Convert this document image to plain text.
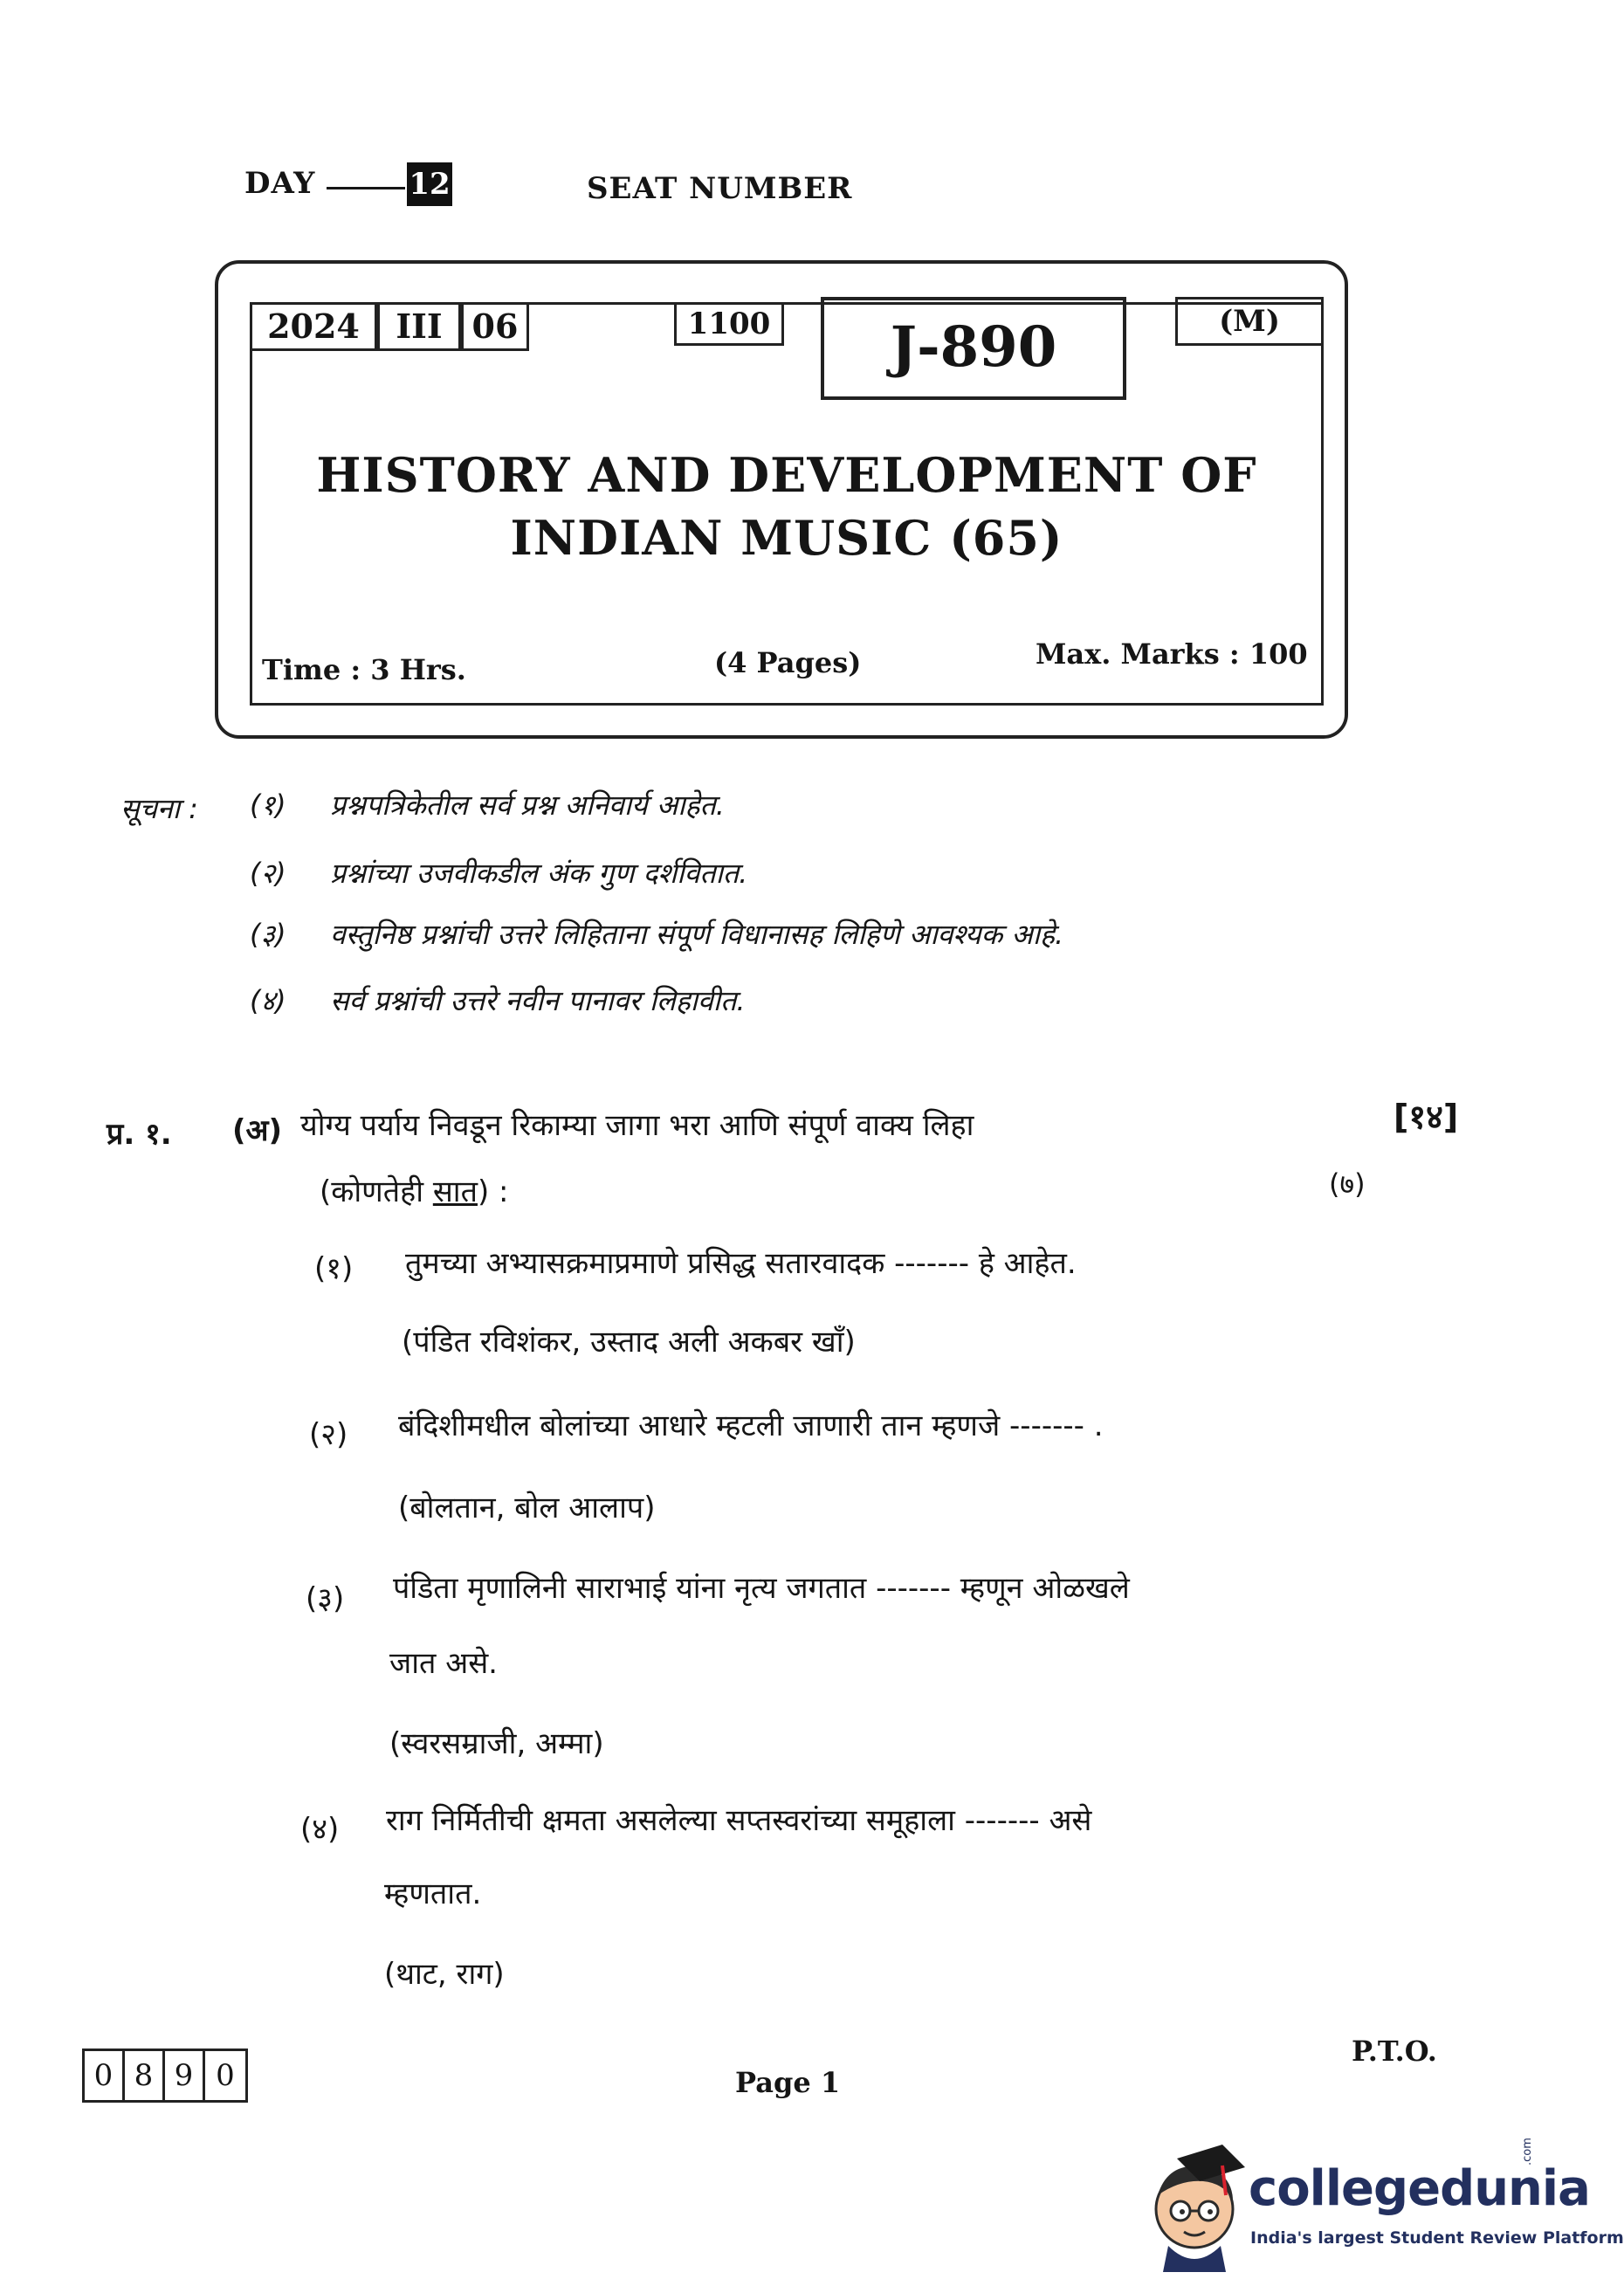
DAY	12	SEAT NUMBER
2024	III 06	1100	J-890	(M)
HISTORY AND DEVELOPMENT OF
INDIAN MUSIC (65)
Time : 3 Hrs.	(4 Pages)	Max. Marks : 100
सूचना : (१) प्रश्नपत्रिकेतील सर्व प्रश्न अनिवार्य आहेत.
(२) प्रश्नांच्या उजवीकडील अंक गुण दर्शवितात.
(३) वस्तुनिष्ठ प्रश्नांची उत्तरे लिहिताना संपूर्ण विधानासह लिहिणे आवश्यक आहे.
(४) सर्व प्रश्नांची उत्तरे नवीन पानावर लिहावीत.
प्र. १. (अ) योग्य पर्याय निवडून रिकाम्या जागा भरा आणि संपूर्ण वाक्य लिहा	[१४]
(कोणतेही सात) :	(७)
(१) तुमच्या अभ्यासक्रमाप्रमाणे प्रसिद्ध सतारवादक ------- हे आहेत.
(पंडित रविशंकर, उस्ताद अली अकबर खाँ)
(२) बंदिशीमधील बोलांच्या आधारे म्हटली जाणारी तान म्हणजे ------- .
(बोलतान, बोल आलाप)
(३) पंडिता मृणालिनी साराभाई यांना नृत्य जगतात ------- म्हणून ओळखले
जात असे.
(स्वरसम्राजी, अम्मा)
(४) राग निर्मितीची क्षमता असलेल्या सप्तस्वरांच्या समूहाला ------- असे
म्हणतात.
(थाट, राग)
0 8 9 0	Page 1
P.T.O.
collegedunia
.com
India's largest Student Review Platform
